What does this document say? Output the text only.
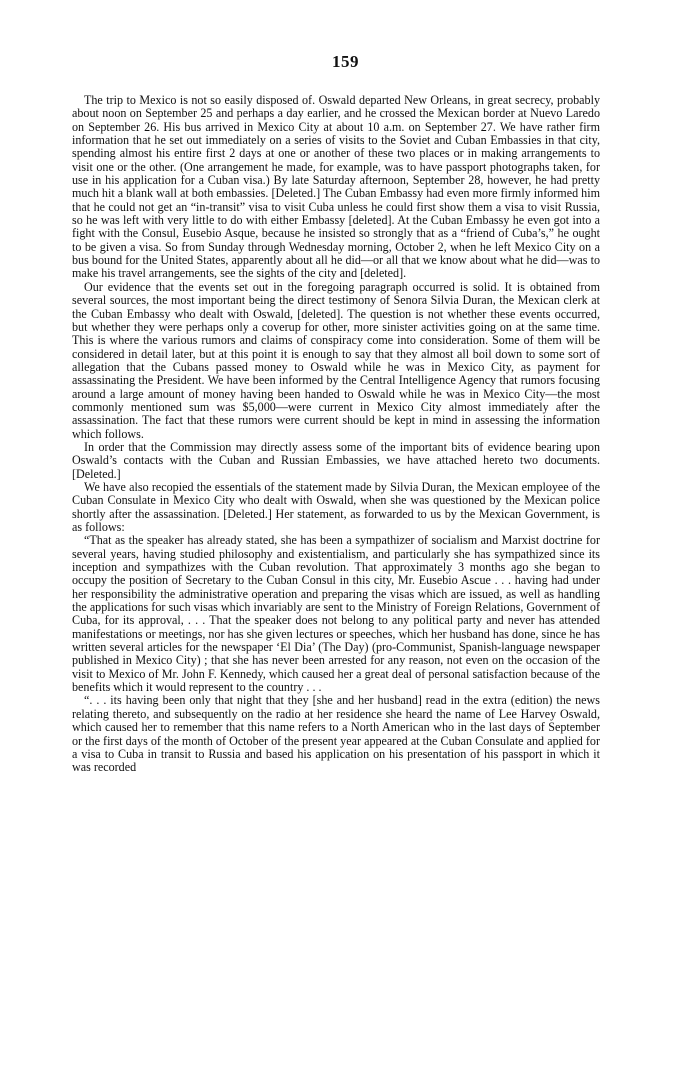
159

The trip to Mexico is not so easily disposed of. Oswald departed New Orleans, in great secrecy, probably about noon on September 25 and perhaps a day earlier, and he crossed the Mexican border at Nuevo Laredo on September 26. His bus arrived in Mexico City at about 10 a.m. on September 27. We have rather firm information that he set out immediately on a series of visits to the Soviet and Cuban Embassies in that city, spending almost his entire first 2 days at one or another of these two places or in making arrangements to visit one or the other. (One arrangement he made, for example, was to have passport photographs taken, for use in his application for a Cuban visa.) By late Saturday afternoon, September 28, however, he had pretty much hit a blank wall at both embassies. [Deleted.] The Cuban Embassy had even more firmly informed him that he could not get an “in-transit” visa to visit Cuba unless he could first show them a visa to visit Russia, so he was left with very little to do with either Embassy [deleted]. At the Cuban Embassy he even got into a fight with the Consul, Eusebio Asque, because he insisted so strongly that as a “friend of Cuba’s,” he ought to be given a visa. So from Sunday through Wednesday morning, October 2, when he left Mexico City on a bus bound for the United States, apparently about all he did—or all that we know about what he did—was to make his travel arrangements, see the sights of the city and [deleted].

Our evidence that the events set out in the foregoing paragraph occurred is solid. It is obtained from several sources, the most important being the direct testimony of Senora Silvia Duran, the Mexican clerk at the Cuban Embassy who dealt with Oswald, [deleted]. The question is not whether these events occurred, but whether they were perhaps only a coverup for other, more sinister activities going on at the same time. This is where the various rumors and claims of conspiracy come into consideration. Some of them will be considered in detail later, but at this point it is enough to say that they almost all boil down to some sort of allegation that the Cubans passed money to Oswald while he was in Mexico City, as payment for assassinating the President. We have been informed by the Central Intelligence Agency that rumors focusing around a large amount of money having been handed to Oswald while he was in Mexico City—the most commonly mentioned sum was $5,000—were current in Mexico City almost immediately after the assassination. The fact that these rumors were current should be kept in mind in assessing the information which follows.

In order that the Commission may directly assess some of the important bits of evidence bearing upon Oswald’s contacts with the Cuban and Russian Embassies, we have attached hereto two documents. [Deleted.]

We have also recopied the essentials of the statement made by Silvia Duran, the Mexican employee of the Cuban Consulate in Mexico City who dealt with Oswald, when she was questioned by the Mexican police shortly after the assassination. [Deleted.] Her statement, as forwarded to us by the Mexican Government, is as follows:

“That as the speaker has already stated, she has been a sympathizer of socialism and Marxist doctrine for several years, having studied philosophy and existentialism, and particularly she has sympathized since its inception and sympathizes with the Cuban revolution. That approximately 3 months ago she began to occupy the position of Secretary to the Cuban Consul in this city, Mr. Eusebio Ascue . . . having had under her responsibility the administrative operation and preparing the visas which are issued, as well as handling the applications for such visas which invariably are sent to the Ministry of Foreign Relations, Government of Cuba, for its approval, . . . That the speaker does not belong to any political party and never has attended manifestations or meetings, nor has she given lectures or speeches, which her husband has done, since he has written several articles for the newspaper ‘El Dia’ (The Day) (pro-Communist, Spanish-language newspaper published in Mexico City) ; that she has never been arrested for any reason, not even on the occasion of the visit to Mexico of Mr. John F. Kennedy, which caused her a great deal of personal satisfaction because of the benefits which it would represent to the country . . .

“. . . its having been only that night that they [she and her husband] read in the extra (edition) the news relating thereto, and subsequently on the radio at her residence she heard the name of Lee Harvey Oswald, which caused her to remember that this name refers to a North American who in the last days of September or the first days of the month of October of the present year appeared at the Cuban Consulate and applied for a visa to Cuba in transit to Russia and based his application on his presentation of his passport in which it was recorded
